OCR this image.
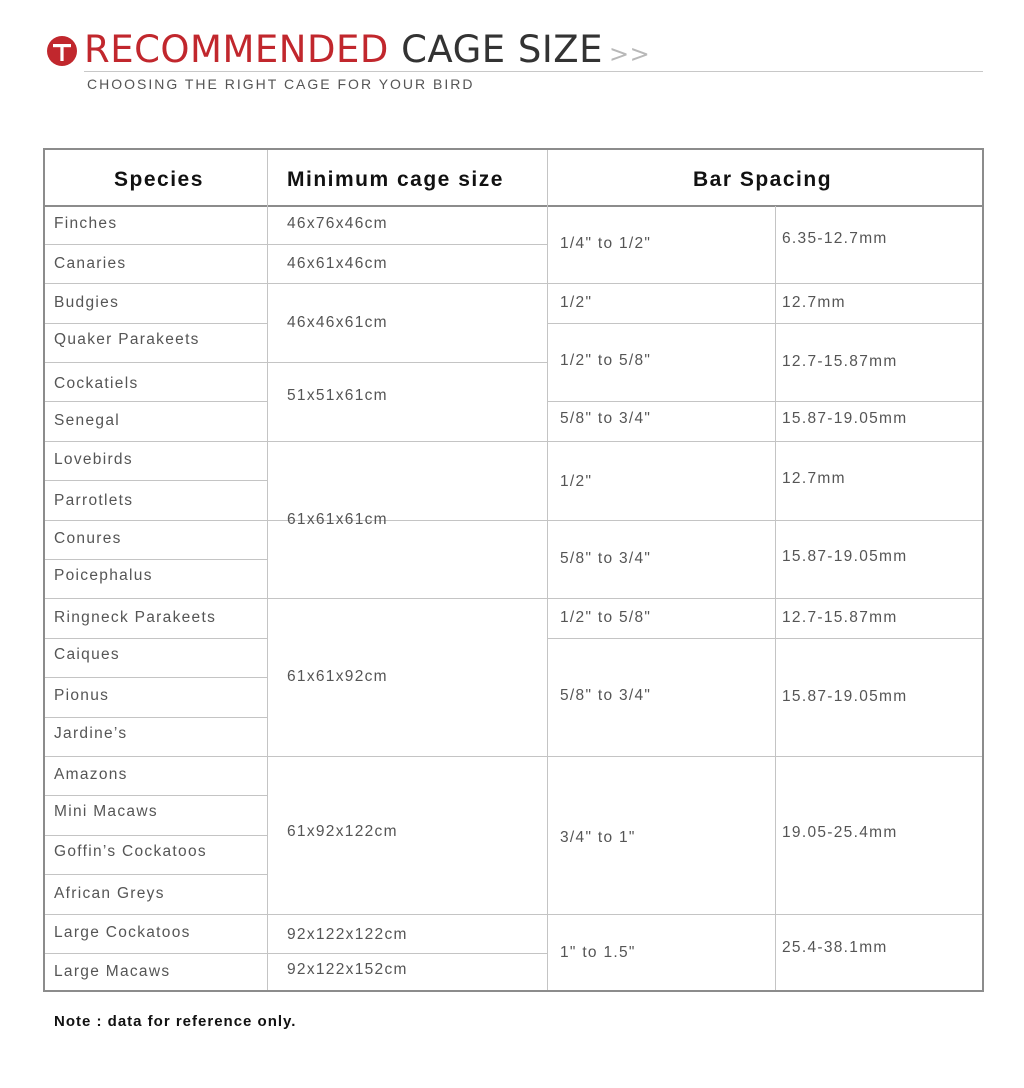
RECOMMENDED CAGE SIZE >>
CHOOSING THE RIGHT CAGE FOR YOUR BIRD
Species	Minimum cage size	Bar Spacing
Finches
Canaries
Budgies
Quaker Parakeets
Cockatiels
Senegal
Lovebirds
Parrotlets
Conures
Poicephalus
Ringneck Parakeets
Caiques
Pionus
Jardine’s
Amazons
Mini Macaws
Goffin’s Cockatoos
African Greys
Large Cockatoos
Large Macaws
46x76x46cm
46x61x46cm
46x46x61cm
51x51x61cm
61x61x61cm
61x61x92cm
61x92x122cm
92x122x122cm
92x122x152cm
1/4" to 1/2"
1/2"
1/2" to 5/8"
5/8" to 3/4"
1/2"
5/8" to 3/4"
1/2" to 5/8"
5/8" to 3/4"
3/4" to 1"
1" to 1.5"
6.35-12.7mm
12.7mm
12.7-15.87mm
15.87-19.05mm
12.7mm
15.87-19.05mm
12.7-15.87mm
15.87-19.05mm
19.05-25.4mm
25.4-38.1mm
Note : data for reference only.
